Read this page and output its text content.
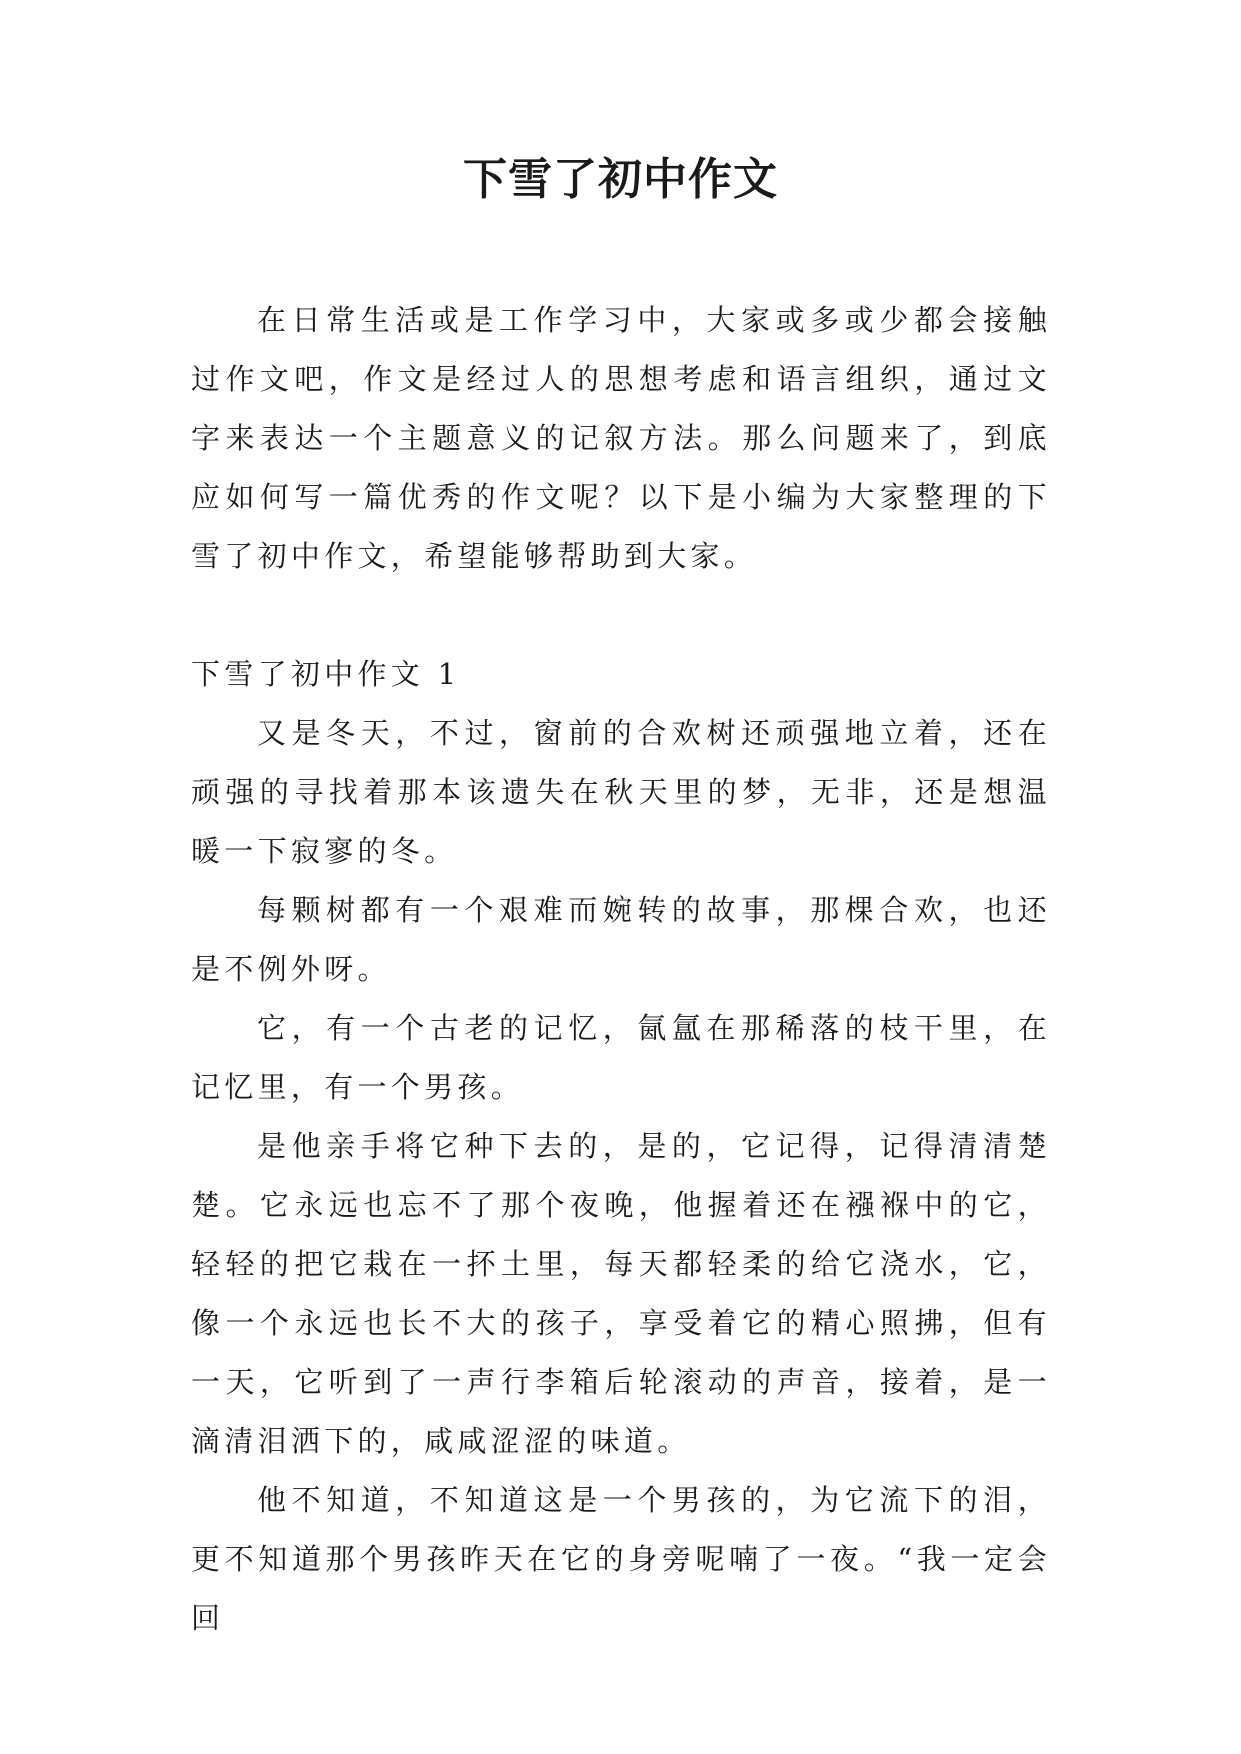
下雪了初中作文

在日常生活或是工作学习中，大家或多或少都会接触过作文吧，作文是经过人的思想考虑和语言组织，通过文字来表达一个主题意义的记叙方法。那么问题来了，到底应如何写一篇优秀的作文呢？以下是小编为大家整理的下雪了初中作文，希望能够帮助到大家。

下雪了初中作文 1

又是冬天，不过，窗前的合欢树还顽强地立着，还在顽强的寻找着那本该遗失在秋天里的梦，无非，还是想温暖一下寂寥的冬。

每颗树都有一个艰难而婉转的故事，那棵合欢，也还是不例外呀。

它，有一个古老的记忆，氤氲在那稀落的枝干里，在记忆里，有一个男孩。

是他亲手将它种下去的，是的，它记得，记得清清楚楚。它永远也忘不了那个夜晚，他握着还在襁褓中的它，轻轻的把它栽在一抔土里，每天都轻柔的给它浇水，它，像一个永远也长不大的孩子，享受着它的精心照拂，但有一天，它听到了一声行李箱后轮滚动的声音，接着，是一滴清泪洒下的，咸咸涩涩的味道。

他不知道，不知道这是一个男孩的，为它流下的泪，更不知道那个男孩昨天在它的身旁呢喃了一夜。“我一定会回
